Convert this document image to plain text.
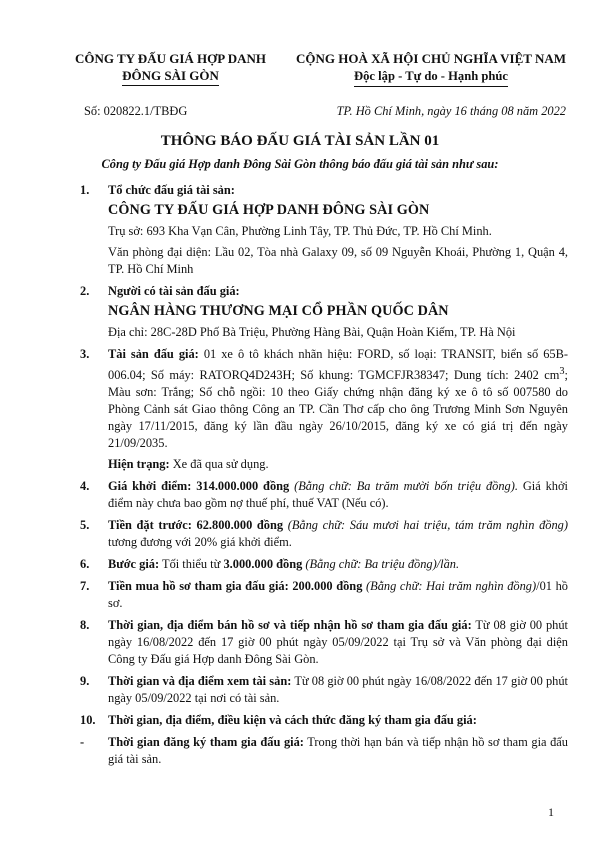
CÔNG TY ĐẤU GIÁ HỢP DANH
ĐÔNG SÀI GÒN
CỘNG HOÀ XÃ HỘI CHỦ NGHĨA VIỆT NAM
Độc lập - Tự do - Hạnh phúc
Số: 020822.1/TBĐG	TP. Hồ Chí Minh, ngày 16 tháng 08 năm 2022
THÔNG BÁO ĐẤU GIÁ TÀI SẢN LẦN 01
Công ty Đấu giá Hợp danh Đông Sài Gòn thông báo đấu giá tài sản như sau:
1. Tổ chức đấu giá tài sản:
CÔNG TY ĐẤU GIÁ HỢP DANH ĐÔNG SÀI GÒN
Trụ sở: 693 Kha Vạn Cân, Phường Linh Tây, TP. Thủ Đức, TP. Hồ Chí Minh.
Văn phòng đại diện: Lầu 02, Tòa nhà Galaxy 09, số 09 Nguyễn Khoái, Phường 1, Quận 4, TP. Hồ Chí Minh
2. Người có tài sản đấu giá:
NGÂN HÀNG THƯƠNG MẠI CỔ PHẦN QUỐC DÂN
Địa chỉ: 28C-28D Phố Bà Triệu, Phường Hàng Bài, Quận Hoàn Kiếm, TP. Hà Nội
3. Tài sản đấu giá: 01 xe ô tô khách nhãn hiệu: FORD, số loại: TRANSIT, biển số 65B-006.04; Số máy: RATORQ4D243H; Số khung: TGMCFJR38347; Dung tích: 2402 $cm^3$; Màu sơn: Trắng; Số chỗ ngồi: 10 theo Giấy chứng nhận đăng ký xe ô tô số 007580 do Phòng Cảnh sát Giao thông Công an TP. Cần Thơ cấp cho ông Trương Minh Sơn Nguyên ngày 17/11/2015, đăng ký lần đầu ngày 26/10/2015, đăng ký xe có giá trị đến ngày 21/09/2035.
Hiện trạng: Xe đã qua sử dụng.
4. Giá khởi điểm: 314.000.000 đồng (Bằng chữ: Ba trăm mười bốn triệu đồng). Giá khởi điểm này chưa bao gồm nợ thuế phí, thuế VAT (Nếu có).
5. Tiền đặt trước: 62.800.000 đồng (Bằng chữ: Sáu mươi hai triệu, tám trăm nghìn đồng) tương đương với 20% giá khởi điểm.
6. Bước giá: Tối thiểu từ 3.000.000 đồng (Bằng chữ: Ba triệu đồng)/lần.
7. Tiền mua hồ sơ tham gia đấu giá: 200.000 đồng (Bằng chữ: Hai trăm nghìn đồng)/01 hồ sơ.
8. Thời gian, địa điểm bán hồ sơ và tiếp nhận hồ sơ tham gia đấu giá: Từ 08 giờ 00 phút ngày 16/08/2022 đến 17 giờ 00 phút ngày 05/09/2022 tại Trụ sở và Văn phòng đại diện Công ty Đấu giá Hợp danh Đông Sài Gòn.
9. Thời gian và địa điểm xem tài sản: Từ 08 giờ 00 phút ngày 16/08/2022 đến 17 giờ 00 phút ngày 05/09/2022 tại nơi có tài sản.
10. Thời gian, địa điểm, điều kiện và cách thức đăng ký tham gia đấu giá:
- Thời gian đăng ký tham gia đấu giá: Trong thời hạn bán và tiếp nhận hồ sơ tham gia đấu giá tài sản.
1
